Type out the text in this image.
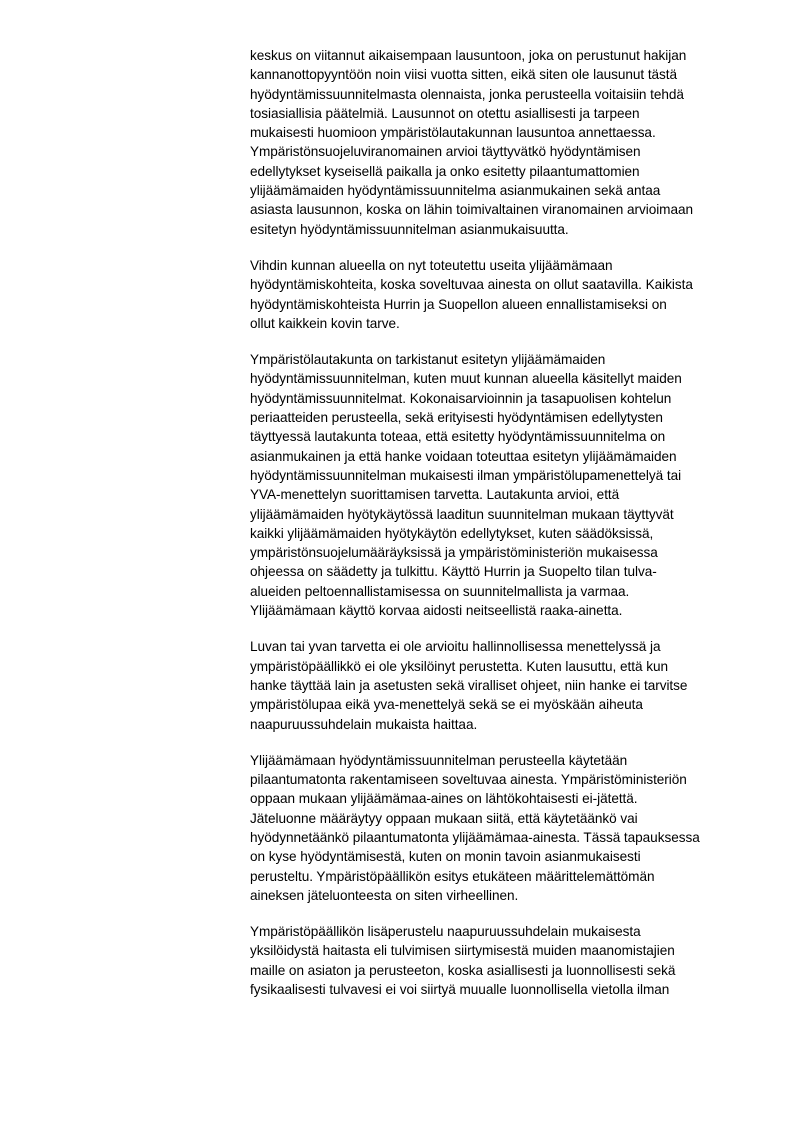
keskus on viitannut aikaisempaan lausuntoon, joka on perustunut hakijan
kannanottopyyntöön noin viisi vuotta sitten, eikä siten ole lausunut tästä
hyödyntämissuunnitelmasta olennaista, jonka perusteella voitaisiin tehdä
tosiasiallisia päätelmiä. Lausunnot on otettu asiallisesti ja tarpeen
mukaisesti huomioon ympäristölautakunnan lausuntoa annettaessa.
Ympäristönsuojeluviranomainen arvioi täyttyvätkö hyödyntämisen
edellytykset kyseisellä paikalla ja onko esitetty pilaantumattomien
ylijäämämaiden hyödyntämissuunnitelma asianmukainen sekä antaa
asiasta lausunnon, koska on lähin toimivaltainen viranomainen arvioimaan
esitetyn hyödyntämissuunnitelman asianmukaisuutta.
Vihdin kunnan alueella on nyt toteutettu useita ylijäämämaan
hyödyntämiskohteita, koska soveltuvaa ainesta on ollut saatavilla. Kaikista
hyödyntämiskohteista Hurrin ja Suopellon alueen ennallistamiseksi on
ollut kaikkein kovin tarve.
Ympäristölautakunta on tarkistanut esitetyn ylijäämämaiden
hyödyntämissuunnitelman, kuten muut kunnan alueella käsitellyt maiden
hyödyntämissuunnitelmat. Kokonaisarvioinnin ja tasapuolisen kohtelun
periaatteiden perusteella, sekä erityisesti hyödyntämisen edellytysten
täyttyessä lautakunta toteaa, että esitetty hyödyntämissuunnitelma on
asianmukainen ja että hanke voidaan toteuttaa esitetyn ylijäämämaiden
hyödyntämissuunnitelman mukaisesti ilman ympäristölupamenettelyä tai
YVA-menettelyn suorittamisen tarvetta. Lautakunta arvioi, että
ylijäämämaiden hyötykäytössä laaditun suunnitelman mukaan täyttyvät
kaikki ylijäämämaiden hyötykäytön edellytykset, kuten säädöksissä,
ympäristönsuojelumääräyksissä ja ympäristöministeriön mukaisessa
ohjeessa on säädetty ja tulkittu. Käyttö Hurrin ja Suopelto tilan tulva-
alueiden peltoennallistamisessa on suunnitelmallista ja varmaa.
Ylijäämämaan käyttö korvaa aidosti neitseellistä raaka-ainetta.
Luvan tai yvan tarvetta ei ole arvioitu hallinnollisessa menettelyssä ja
ympäristöpäällikkö ei ole yksilöinyt perustetta. Kuten lausuttu, että kun
hanke täyttää lain ja asetusten sekä viralliset ohjeet, niin hanke ei tarvitse
ympäristölupaa eikä yva-menettelyä sekä se ei myöskään aiheuta
naapuruussuhdelain mukaista haittaa.
Ylijäämämaan hyödyntämissuunnitelman perusteella käytetään
pilaantumatonta rakentamiseen soveltuvaa ainesta. Ympäristöministeriön
oppaan mukaan ylijäämämaa-aines on lähtökohtaisesti ei-jätettä.
Jäteluonne määräytyy oppaan mukaan siitä, että käytetäänkö vai
hyödynnetäänkö pilaantumatonta ylijäämämaa-ainesta. Tässä tapauksessa
on kyse hyödyntämisestä, kuten on monin tavoin asianmukaisesti
perusteltu. Ympäristöpäällikön esitys etukäteen määrittelemättömän
aineksen jäteluonteesta on siten virheellinen.
Ympäristöpäällikön lisäperustelu naapuruussuhdelain mukaisesta
yksilöidystä haitasta eli tulvimisen siirtymisestä muiden maanomistajien
maille on asiaton ja perusteeton, koska asiallisesti ja luonnollisesti sekä
fysikaalisesti tulvavesi ei voi siirtyä muualle luonnollisella vietolla ilman
